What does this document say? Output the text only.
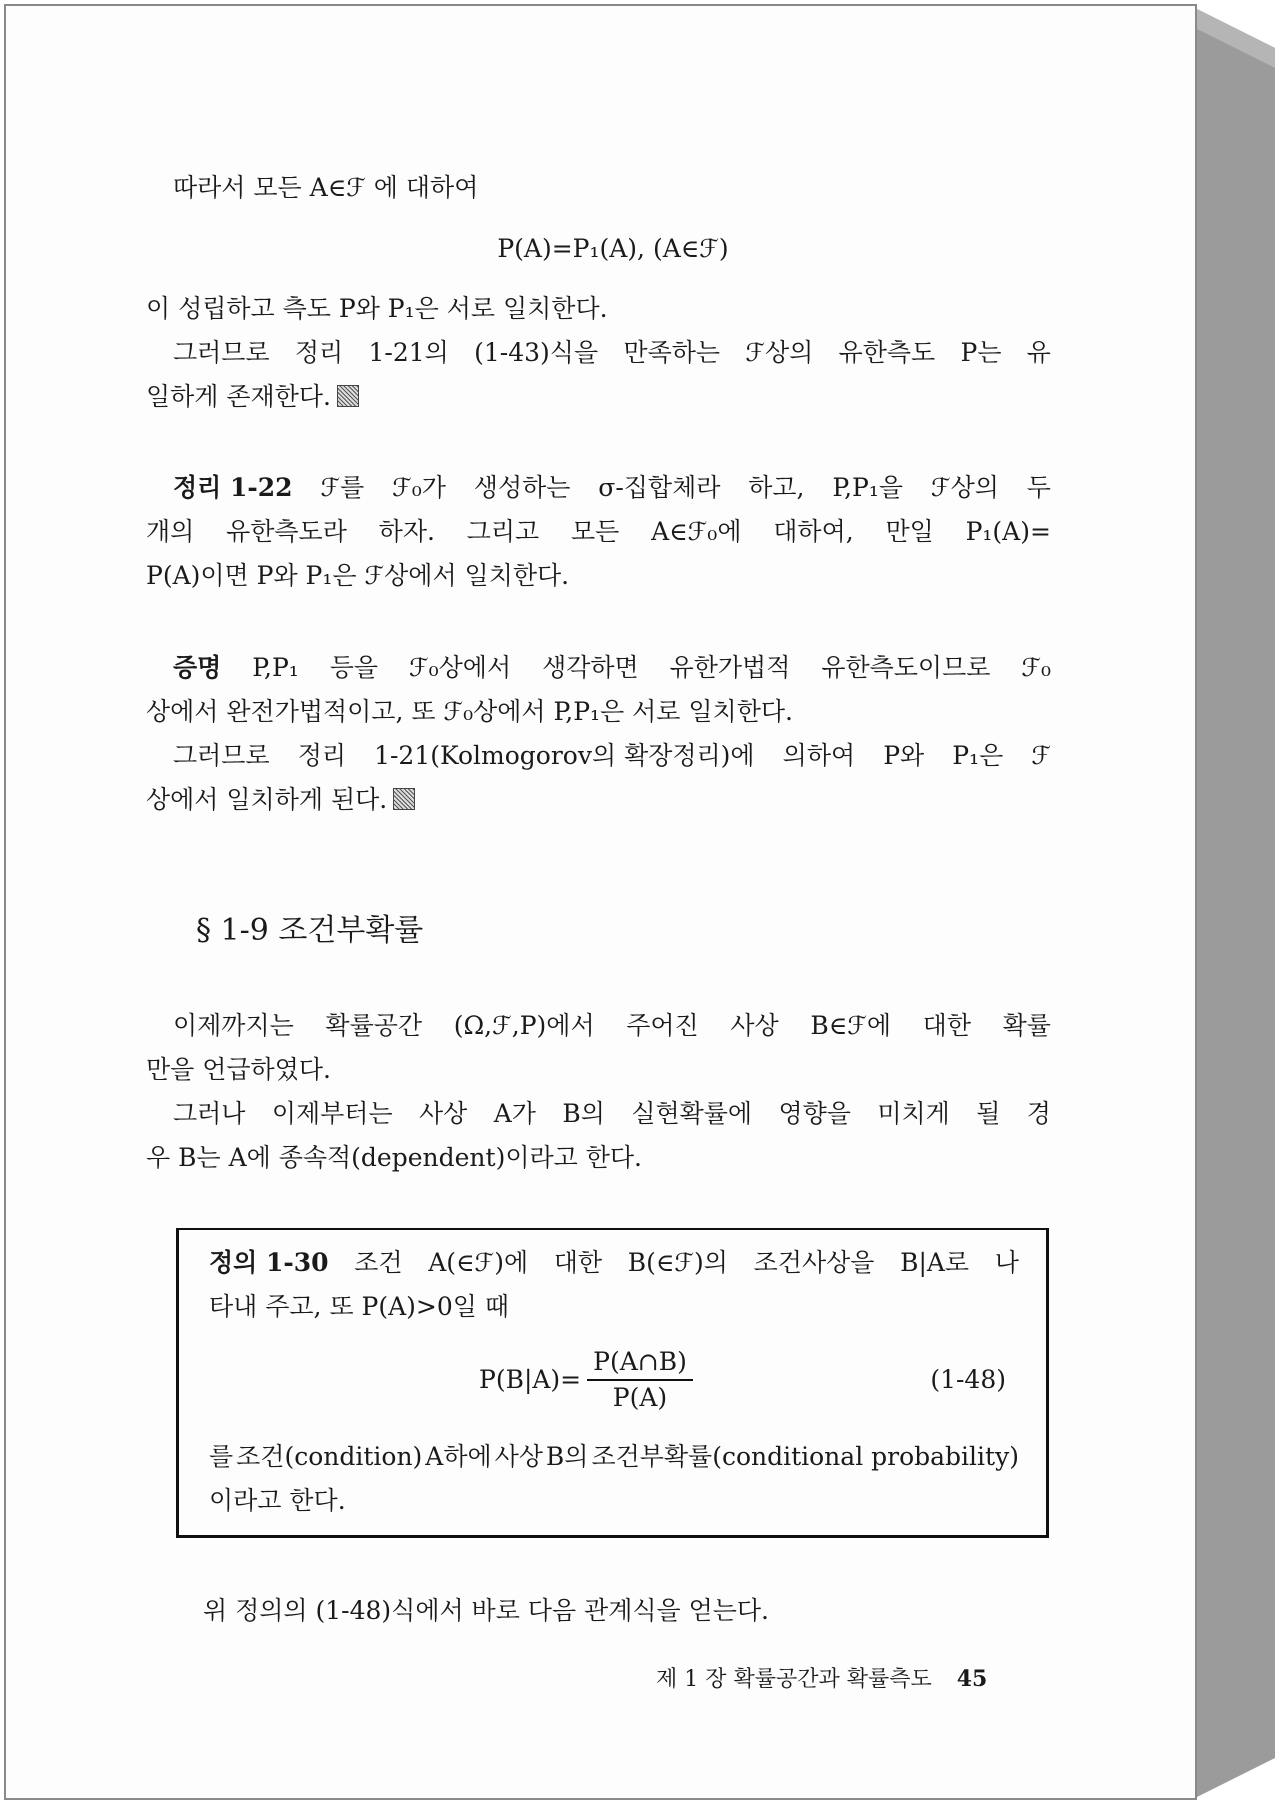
따라서 모든 A∈ℱ 에 대하여
P(A)=P₁(A), (A∈ℱ)
이 성립하고 측도 P와 P₁은 서로 일치한다.
그러므로 정리 1-21의 (1-43)식을 만족하는 ℱ상의 유한측도 P는 유
일하게 존재한다.
정리 1-22 ℱ를 ℱ₀가 생성하는 σ-집합체라 하고, P,P₁을 ℱ상의 두
개의 유한측도라 하자. 그리고 모든 A∈ℱ₀에 대하여, 만일 P₁(A)=
P(A)이면 P와 P₁은 ℱ상에서 일치한다.
증명 P,P₁ 등을 ℱ₀상에서 생각하면 유한가법적 유한측도이므로 ℱ₀
상에서 완전가법적이고, 또 ℱ₀상에서 P,P₁은 서로 일치한다.
그러므로 정리 1-21(Kolmogorov의 확장정리)에 의하여 P와 P₁은 ℱ
상에서 일치하게 된다.
§ 1-9 조건부확률
이제까지는 확률공간 (Ω,ℱ,P)에서 주어진 사상 B∈ℱ에 대한 확률
만을 언급하였다.
그러나 이제부터는 사상 A가 B의 실현확률에 영향을 미치게 될 경
우 B는 A에 종속적(dependent)이라고 한다.
정의 1-30 조건 A(∈ℱ)에 대한 B(∈ℱ)의 조건사상을 B|A로 나
타내 주고, 또 P(A)>0일 때
$P(B|A)= \frac{P(A\cap B)}{P(A)}$	(1-48)
를 조건(condition) A하에 사상 B의 조건부확률(conditional probability)
이라고 한다.
위 정의의 (1-48)식에서 바로 다음 관계식을 얻는다.
제 1 장 확률공간과 확률측도 45
